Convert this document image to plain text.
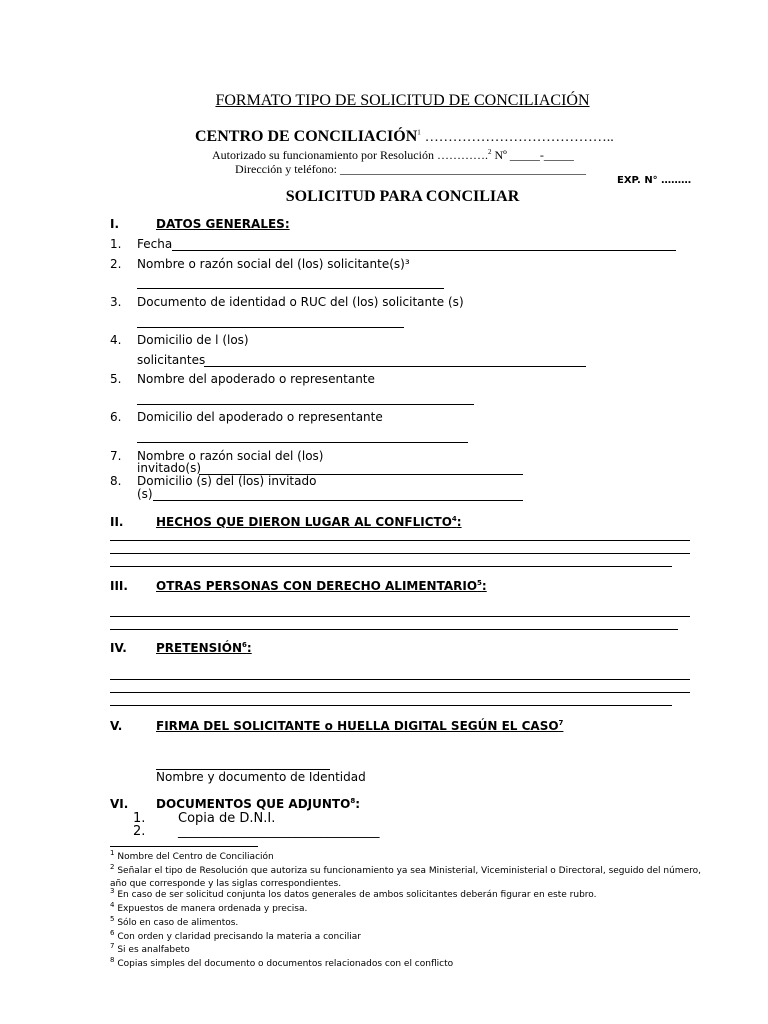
FORMATO TIPO DE SOLICITUD DE CONCILIACIÓN
CENTRO DE CONCILIACIÓN$^1$ …………………………………..
Autorizado su funcionamiento por Resolución ………….$^2$ Nº _____-_____
Dirección y teléfono: _________________________________________
EXP. N° ………
SOLICITUD PARA CONCILIAR
I.	DATOS GENERALES:
1. Fecha
2. Nombre o razón social del (los) solicitante(s)³
3. Documento de identidad o RUC del (los) solicitante (s)
4. Domicilio de l (los)
solicitantes
5. Nombre del apoderado o representante
6. Domicilio del apoderado o representante
7. Nombre o razón social del (los)
invitado(s)
8. Domicilio (s) del (los) invitado
(s)
II.	HECHOS QUE DIERON LUGAR AL CONFLICTO$^4$:
III. OTRAS PERSONAS CON DERECHO ALIMENTARIO$^5$:
IV. PRETENSIÓN$^6$:
V.	FIRMA DEL SOLICITANTE o HUELLA DIGITAL SEGÚN EL CASO$^7$
Nombre y documento de Identidad
VI. DOCUMENTOS QUE ADJUNTO$^8$:
1.	Copia de D.N.I.
2.	_______________________________
$^1$ Nombre del Centro de Conciliación
$^2$ Señalar el tipo de Resolución que autoriza su funcionamiento ya sea Ministerial, Viceministerial o Directoral, seguido del número, año que corresponde y las siglas correspondientes.
$^3$ En caso de ser solicitud conjunta los datos generales de ambos solicitantes deberán figurar en este rubro.
$^4$ Expuestos de manera ordenada y precisa.
$^5$ Sólo en caso de alimentos.
$^6$ Con orden y claridad precisando la materia a conciliar
$^7$ Si es analfabeto
$^8$ Copias simples del documento o documentos relacionados con el conflicto
